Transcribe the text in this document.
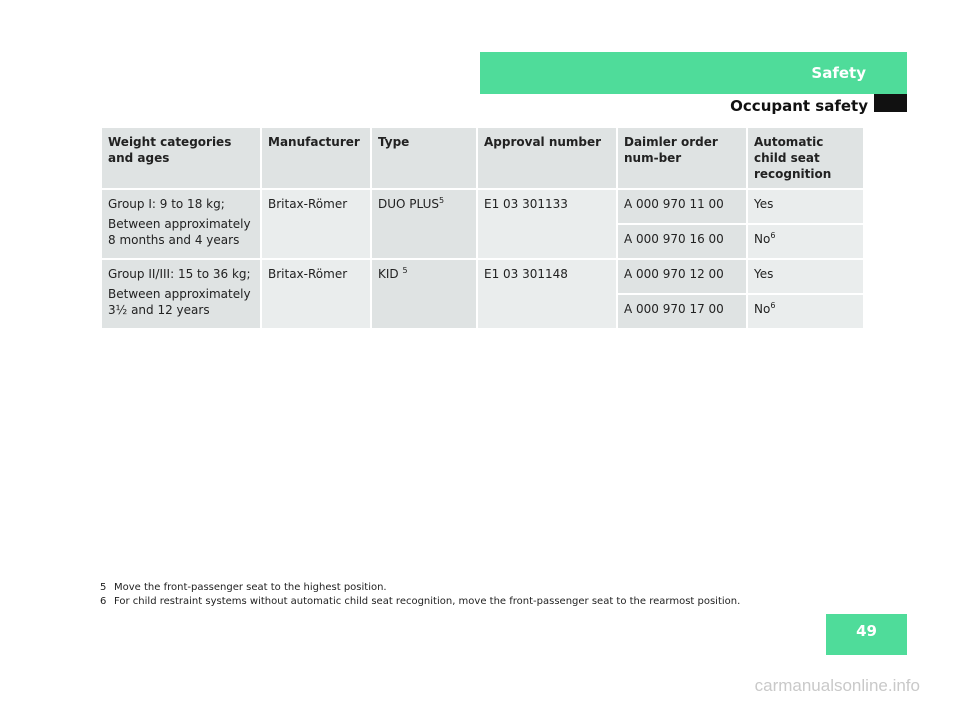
Safety
Occupant safety
Weight categories and ages	Manufacturer	Type	Approval number	Daimler order num-ber	Automatic child seat recognition

Group I: 9 to 18 kg;

Between approximately 8 months and 4 years	Britax-Römer	DUO PLUS$^5$	E1 03 301133	A 000 970 11 00	Yes
				A 000 970 16 00	No$^6$

Group II/III: 15 to 36 kg;

Between approximately 3½ and 12 years	Britax-Römer	KID $^5$	E1 03 301148	A 000 970 12 00	Yes
				A 000 970 17 00	No$^6$
5 Move the front-passenger seat to the highest position.
6 For child restraint systems without automatic child seat recognition, move the front-passenger seat to the rearmost position.
49
carmanualsonline.info
